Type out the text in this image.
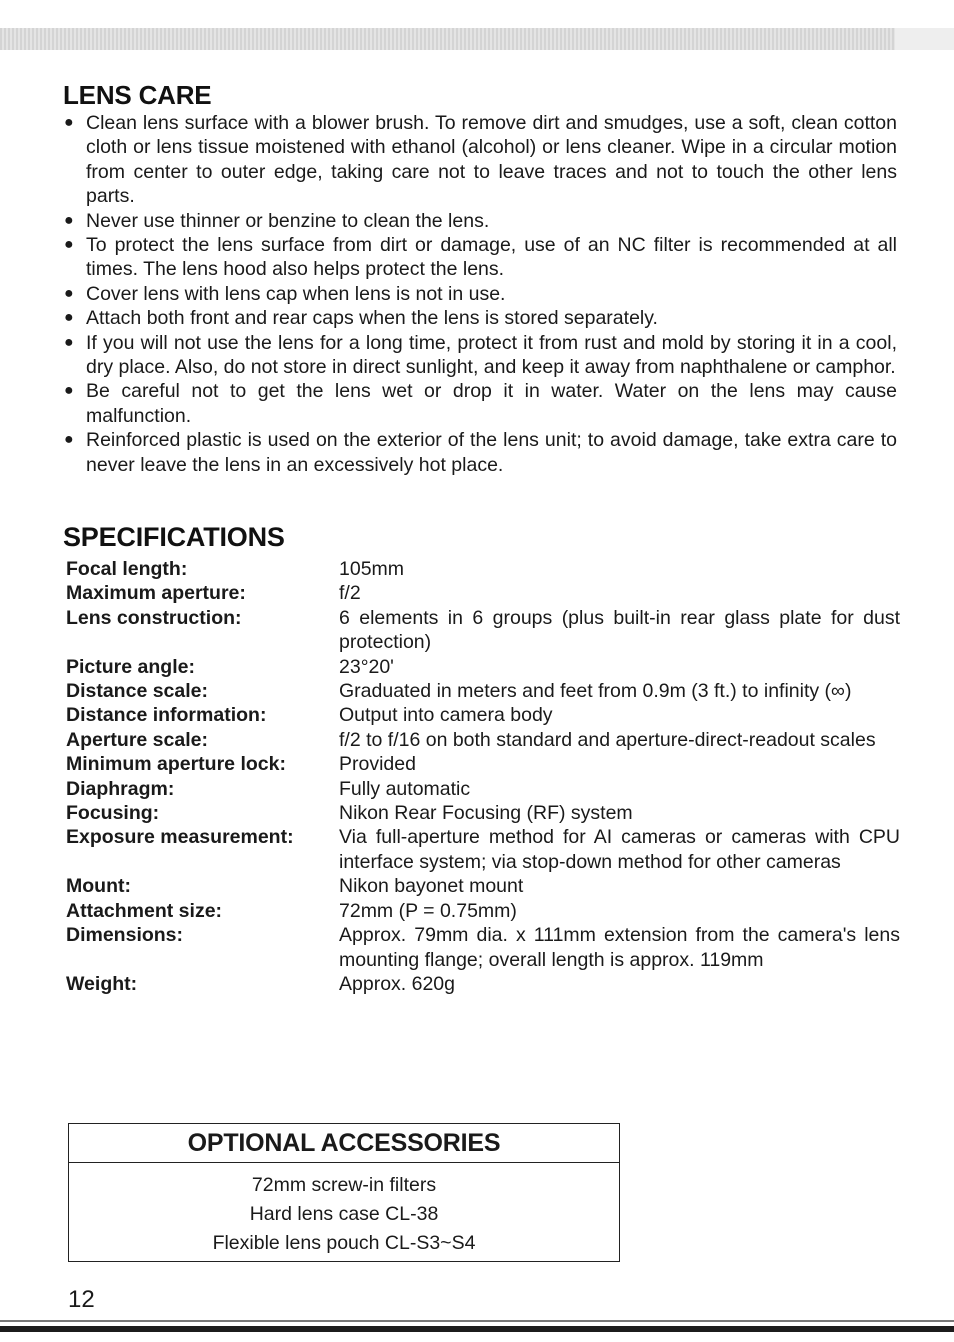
LENS CARE
● Clean lens surface with a blower brush. To remove dirt and smudges, use a soft, clean cotton cloth or lens tissue moistened with ethanol (alcohol) or lens cleaner. Wipe in a circular motion from center to outer edge, taking care not to leave traces and not to touch the other lens parts.
● Never use thinner or benzine to clean the lens.
● To protect the lens surface from dirt or damage, use of an NC filter is recommended at all times. The lens hood also helps protect the lens.
● Cover lens with lens cap when lens is not in use.
● Attach both front and rear caps when the lens is stored separately.
● If you will not use the lens for a long time, protect it from rust and mold by storing it in a cool, dry place. Also, do not store in direct sunlight, and keep it away from naphthalene or camphor.
● Be careful not to get the lens wet or drop it in water. Water on the lens may cause malfunction.
● Reinforced plastic is used on the exterior of the lens unit; to avoid damage, take extra care to never leave the lens in an excessively hot place.
SPECIFICATIONS
Focal length:	105mm
Maximum aperture:	f/2
Lens construction:	6 elements in 6 groups (plus built-in rear glass plate for dust protection)
Picture angle:	23°20'
Distance scale:	Graduated in meters and feet from 0.9m (3 ft.) to infinity (∞)
Distance information:	Output into camera body
Aperture scale:	f/2 to f/16 on both standard and aperture-direct-readout scales
Minimum aperture lock:	Provided
Diaphragm:	Fully automatic
Focusing:	Nikon Rear Focusing (RF) system
Exposure measurement:	Via full-aperture method for AI cameras or cameras with CPU interface system; via stop-down method for other cameras
Mount:	Nikon bayonet mount
Attachment size:	72mm (P = 0.75mm)
Dimensions:	Approx. 79mm dia. x 111mm extension from the camera's lens mounting flange; overall length is approx. 119mm
Weight:	Approx. 620g
OPTIONAL ACCESSORIES
72mm screw-in filters
Hard lens case CL-38
Flexible lens pouch CL-S3~S4
12
